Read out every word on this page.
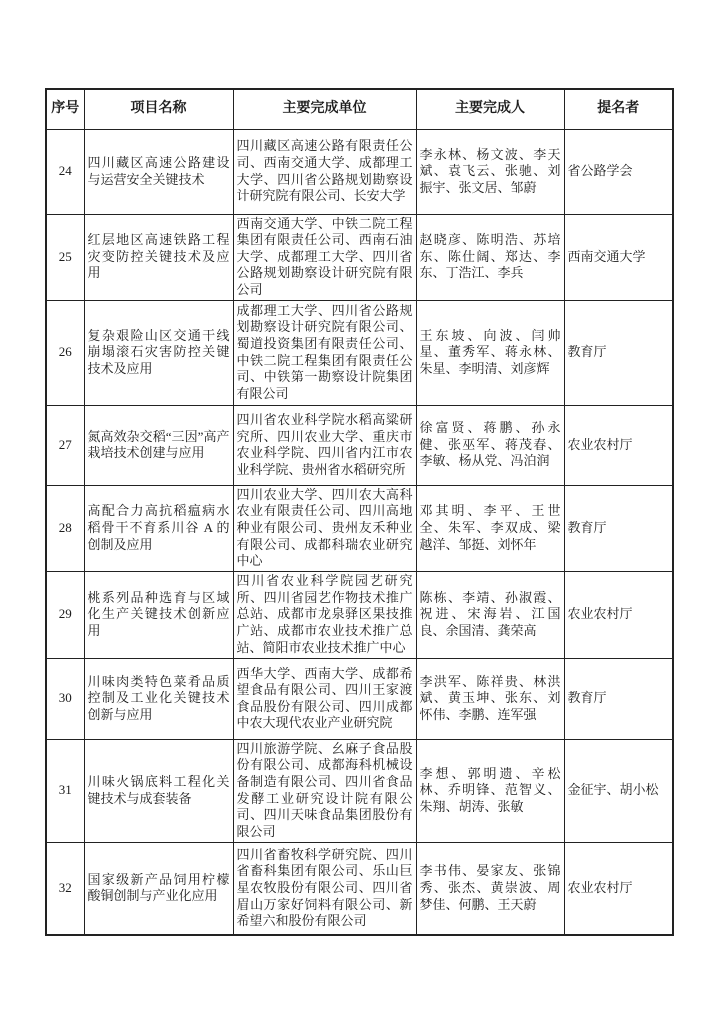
序号	项目名称	主要完成单位	主要完成人	提名者
24	四川藏区高速公路建设与运营安全关键技术	四川藏区高速公路有限责任公司、西南交通大学、成都理工大学、四川省公路规划勘察设计研究院有限公司、长安大学	李永林、杨文波、李天斌、袁飞云、张驰、刘振宇、张文居、邹蔚	省公路学会
25	红层地区高速铁路工程灾变防控关键技术及应用	西南交通大学、中铁二院工程集团有限责任公司、西南石油大学、成都理工大学、四川省公路规划勘察设计研究院有限公司	赵晓彦、陈明浩、苏培东、陈仕阔、郑达、李东、丁浩江、李兵	西南交通大学
26	复杂艰险山区交通干线崩塌滚石灾害防控关键技术及应用	成都理工大学、四川省公路规划勘察设计研究院有限公司、蜀道投资集团有限责任公司、中铁二院工程集团有限责任公司、中铁第一勘察设计院集团有限公司	王东坡、向波、闫帅星、董秀军、蒋永林、朱星、李明清、刘彦辉	教育厅
27	氮高效杂交稻“三因”高产栽培技术创建与应用	四川省农业科学院水稻高粱研究所、四川农业大学、重庆市农业科学院、四川省内江市农业科学院、贵州省水稻研究所	徐富贤、蒋鹏、孙永健、张巫军、蒋茂春、李敏、杨从党、冯泊润	农业农村厅
28	高配合力高抗稻瘟病水稻骨干不育系川谷 A 的创制及应用	四川农业大学、四川农大高科农业有限责任公司、四川高地种业有限公司、贵州友禾种业有限公司、成都科瑞农业研究中心	邓其明、李平、王世全、朱军、李双成、梁越洋、邹挺、刘怀年	教育厅
29	桃系列品种选育与区域化生产关键技术创新应用	四川省农业科学院园艺研究所、四川省园艺作物技术推广总站、成都市龙泉驿区果技推广站、成都市农业技术推广总站、简阳市农业技术推广中心	陈栋、李靖、孙淑霞、祝进、宋海岩、江国良、余国清、龚荣高	农业农村厅
30	川味肉类特色菜肴品质控制及工业化关键技术创新与应用	西华大学、西南大学、成都希望食品有限公司、四川王家渡食品股份有限公司、四川成都中农大现代农业产业研究院	李洪军、陈祥贵、林洪斌、黄玉坤、张东、刘怀伟、李鹏、连军强	教育厅
31	川味火锅底料工程化关键技术与成套装备	四川旅游学院、幺麻子食品股份有限公司、成都海科机械设备制造有限公司、四川省食品发酵工业研究设计院有限公司、四川天味食品集团股份有限公司	李想、郭明遗、辛松林、乔明锋、范智义、朱翔、胡涛、张敏	金征宇、胡小松
32	国家级新产品饲用柠檬酸铜创制与产业化应用	四川省畜牧科学研究院、四川省畜科集团有限公司、乐山巨星农牧股份有限公司、四川省眉山万家好饲料有限公司、新希望六和股份有限公司	李书伟、晏家友、张锦秀、张杰、黄崇波、周梦佳、何鹏、王天蔚	农业农村厅
